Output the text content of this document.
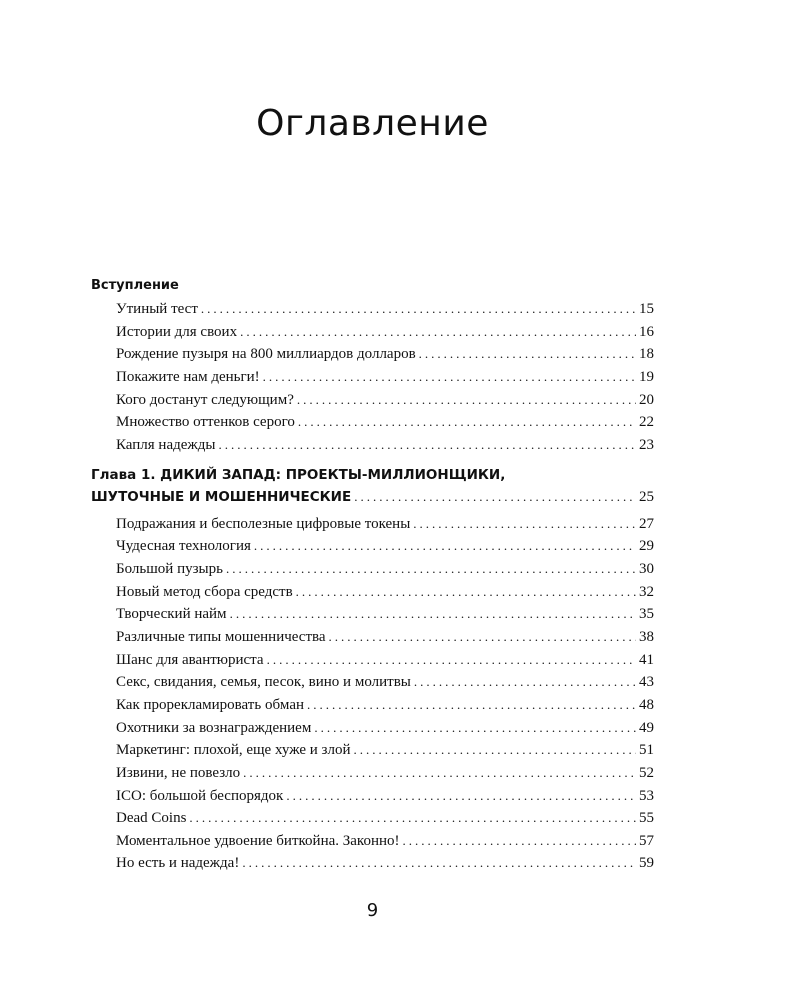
Оглавление

Вступление

Утиный тест .....	15
Истории для своих .....	16
Рождение пузыря на 800 миллиардов долларов .....	18
Покажите нам деньги! .....	19
Кого достанут следующим? .....	20
Множество оттенков серого .....	22
Капля надежды .....	23
Глава 1. ДИКИЙ ЗАПАД: ПРОЕКТЫ-МИЛЛИОНЩИКИ,
ШУТОЧНЫЕ И МОШЕННИЧЕСКИЕ .....	25
Подражания и бесполезные цифровые токены .....	27
Чудесная технология .....	29
Большой пузырь .....	30
Новый метод сбора средств .....	32
Творческий найм .....	35
Различные типы мошенничества .....	38
Шанс для авантюриста .....	41
Секс, свидания, семья, песок, вино и молитвы .....	43
Как прорекламировать обман .....	48
Охотники за вознаграждением .....	49
Маркетинг: плохой, еще хуже и злой .....	51
Извини, не повезло .....	52
ICO: большой беспорядок .....	53
Dead Coins .....	55
Моментальное удвоение биткойна. Законно! .....	57
Но есть и надежда! .....	59
9
